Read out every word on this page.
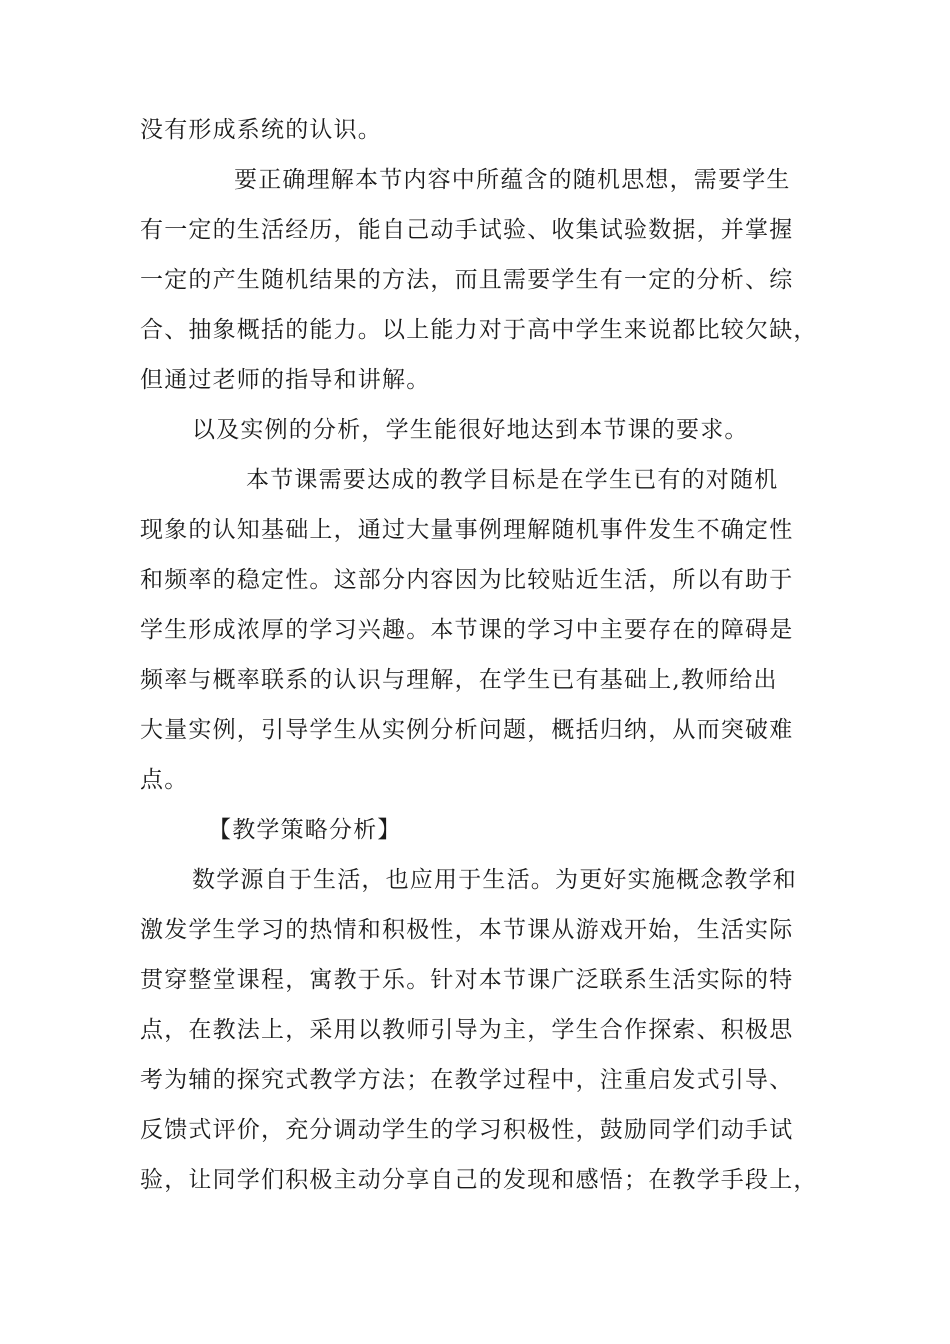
没有形成系统的认识。

要正确理解本节内容中所蕴含的随机思想，需要学生

有一定的生活经历，能自己动手试验、收集试验数据，并掌握

一定的产生随机结果的方法，而且需要学生有一定的分析、综

合、抽象概括的能力。以上能力对于高中学生来说都比较欠缺，

但通过老师的指导和讲解。

以及实例的分析，学生能很好地达到本节课的要求。

本节课需要达成的教学目标是在学生已有的对随机

现象的认知基础上，通过大量事例理解随机事件发生不确定性

和频率的稳定性。这部分内容因为比较贴近生活，所以有助于

学生形成浓厚的学习兴趣。本节课的学习中主要存在的障碍是

频率与概率联系的认识与理解，在学生已有基础上,教师给出

大量实例，引导学生从实例分析问题，概括归纳，从而突破难

点。

【教学策略分析】

数学源自于生活，也应用于生活。为更好实施概念教学和

激发学生学习的热情和积极性，本节课从游戏开始，生活实际

贯穿整堂课程，寓教于乐。针对本节课广泛联系生活实际的特

点，在教法上，采用以教师引导为主，学生合作探索、积极思

考为辅的探究式教学方法；在教学过程中，注重启发式引导、

反馈式评价，充分调动学生的学习积极性，鼓励同学们动手试

验，让同学们积极主动分享自己的发现和感悟；在教学手段上，
